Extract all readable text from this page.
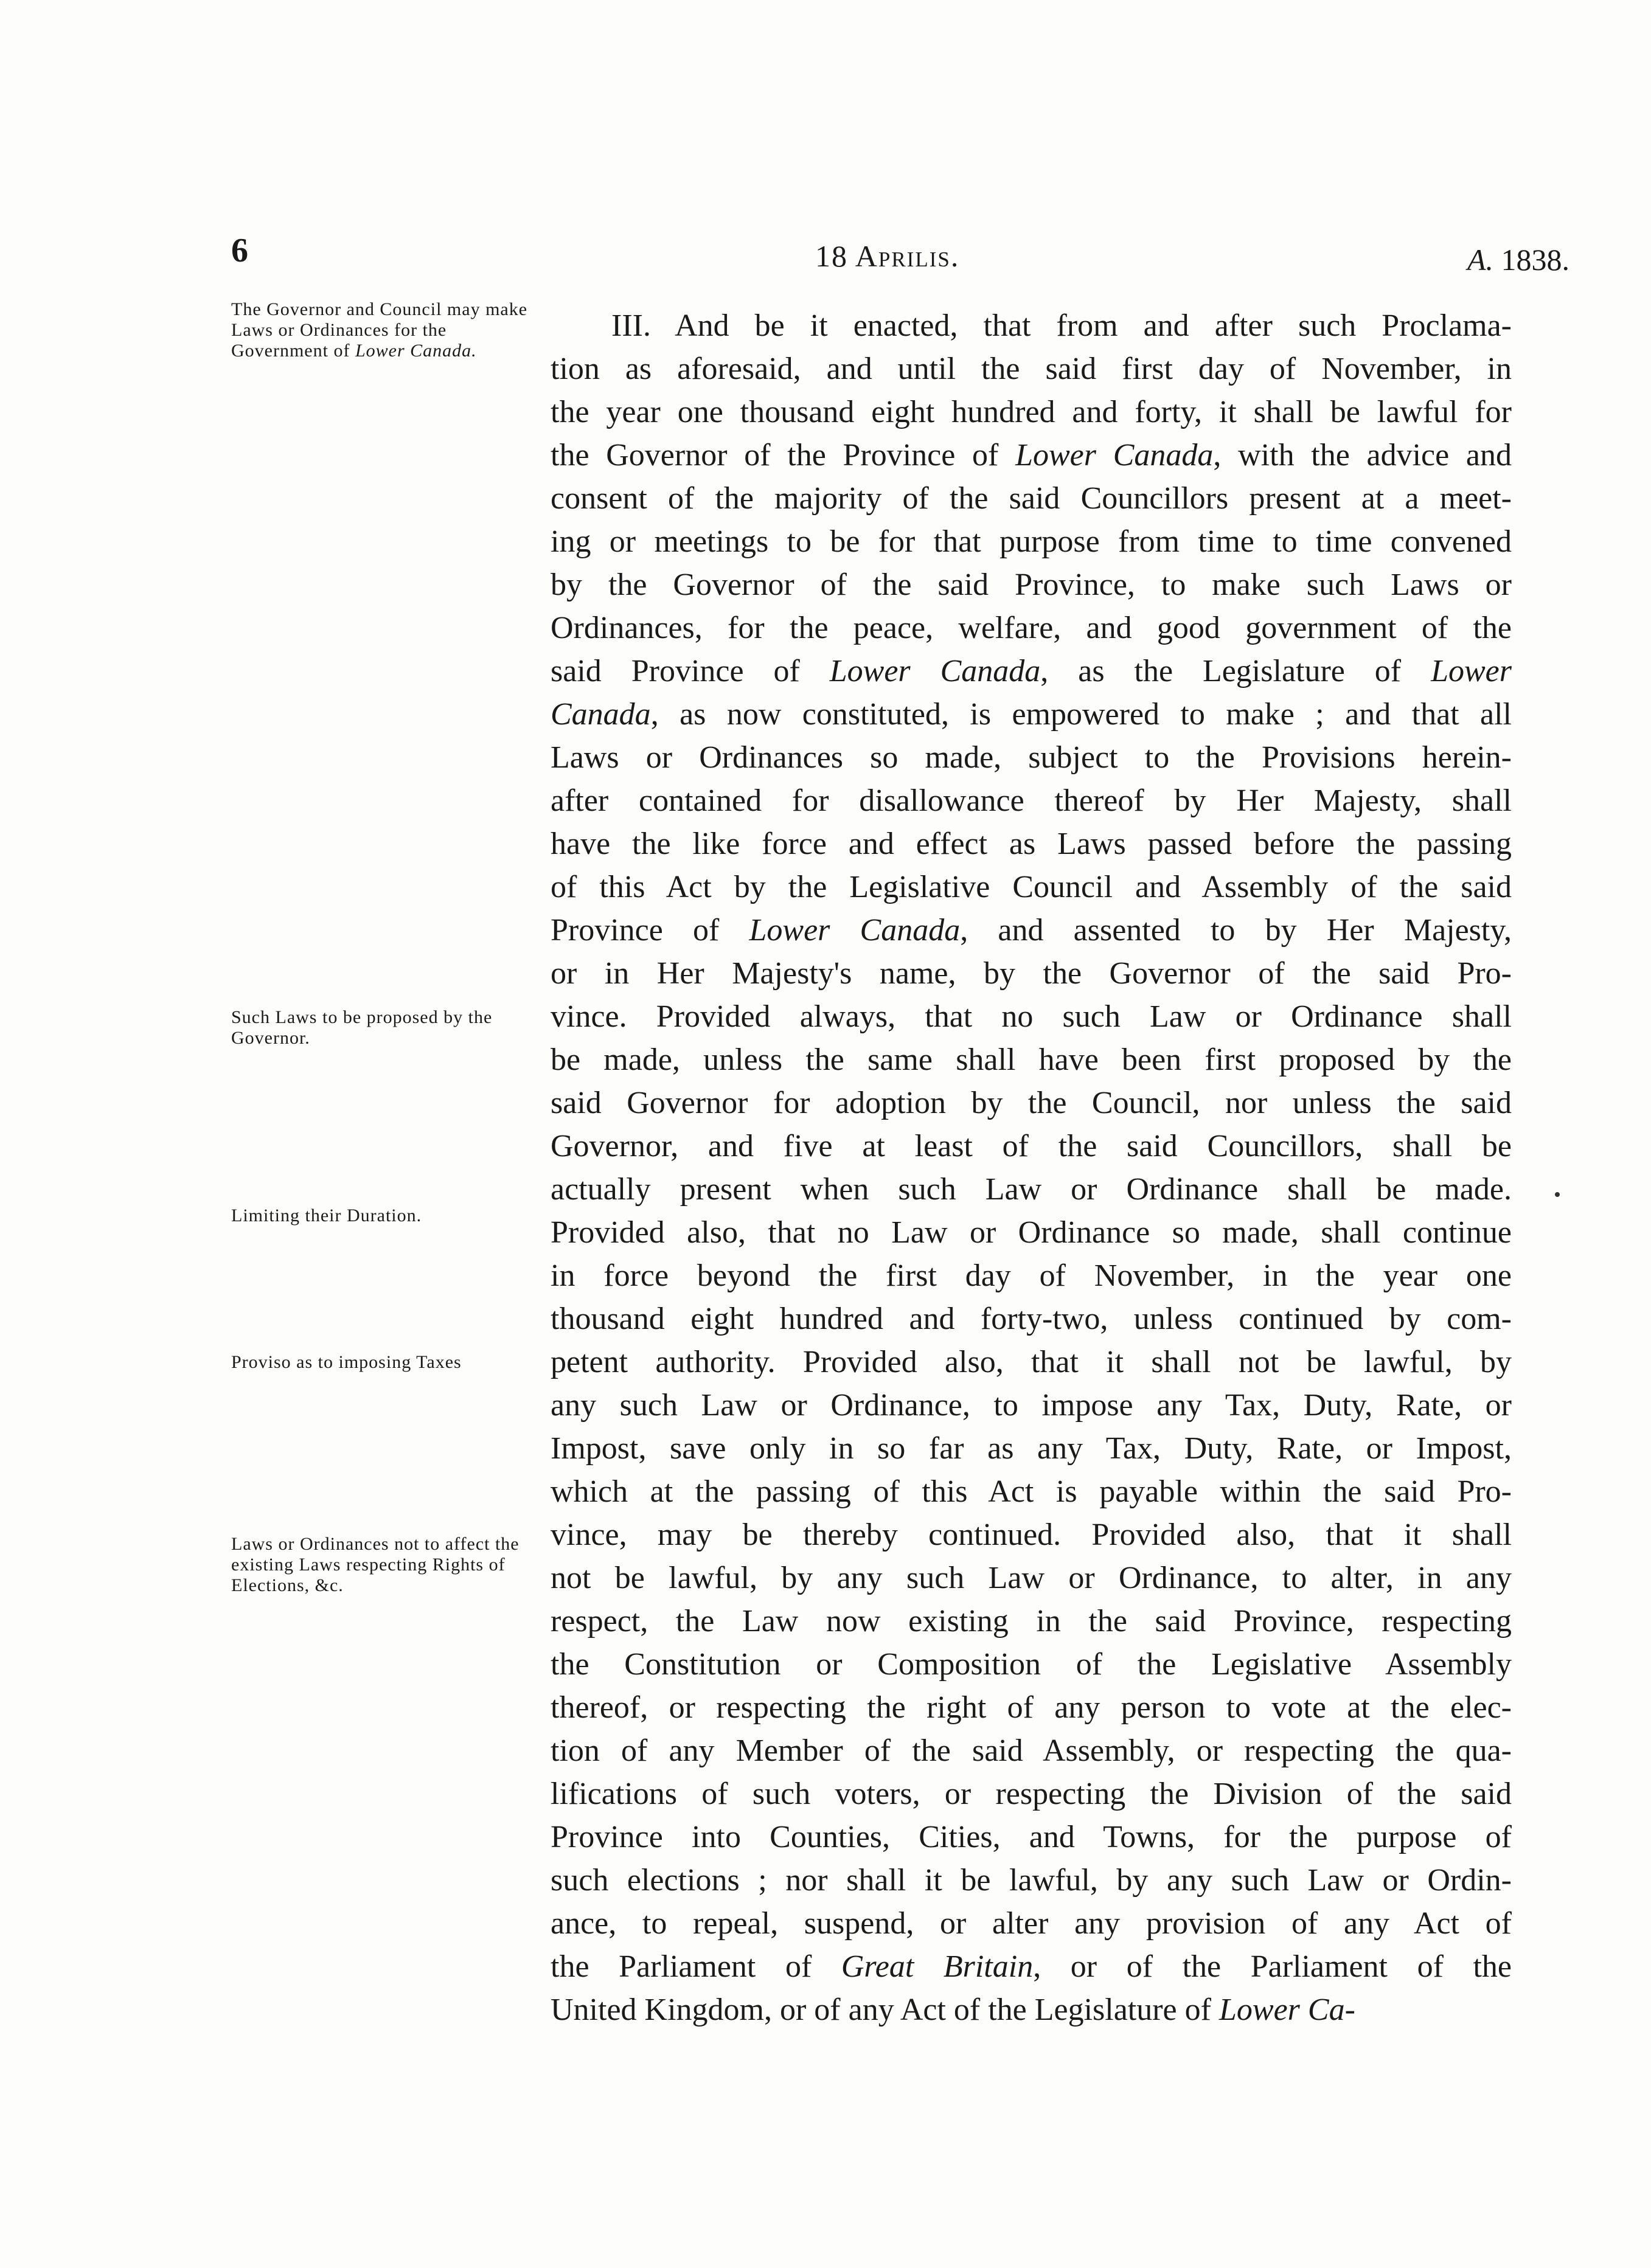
6	18 Aprilis.	A. 1838.
The Governor and Council may make Laws or Ordinances for the Government of Lower Canada.
Such Laws to be proposed by the Governor.
Limiting their Duration.
Proviso as to imposing Taxes
Laws or Ordinances not to affect the existing Laws respecting Rights of Elections, &c.
III. And be it enacted, that from and after such Proclama-
tion as aforesaid, and until the said first day of November, in
the year one thousand eight hundred and forty, it shall be lawful for
the Governor of the Province of Lower Canada, with the advice and
consent of the majority of the said Councillors present at a meet-
ing or meetings to be for that purpose from time to time convened
by the Governor of the said Province, to make such Laws or
Ordinances, for the peace, welfare, and good government of the
said Province of Lower Canada, as the Legislature of Lower
Canada, as now constituted, is empowered to make ; and that all
Laws or Ordinances so made, subject to the Provisions herein-
after contained for disallowance thereof by Her Majesty, shall
have the like force and effect as Laws passed before the passing
of this Act by the Legislative Council and Assembly of the said
Province of Lower Canada, and assented to by Her Majesty,
or in Her Majesty's name, by the Governor of the said Pro-
vince. Provided always, that no such Law or Ordinance shall
be made, unless the same shall have been first proposed by the
said Governor for adoption by the Council, nor unless the said
Governor, and five at least of the said Councillors, shall be
actually present when such Law or Ordinance shall be made.
Provided also, that no Law or Ordinance so made, shall continue
in force beyond the first day of November, in the year one
thousand eight hundred and forty-two, unless continued by com-
petent authority. Provided also, that it shall not be lawful, by
any such Law or Ordinance, to impose any Tax, Duty, Rate, or
Impost, save only in so far as any Tax, Duty, Rate, or Impost,
which at the passing of this Act is payable within the said Pro-
vince, may be thereby continued. Provided also, that it shall
not be lawful, by any such Law or Ordinance, to alter, in any
respect, the Law now existing in the said Province, respecting
the Constitution or Composition of the Legislative Assembly
thereof, or respecting the right of any person to vote at the elec-
tion of any Member of the said Assembly, or respecting the qua-
lifications of such voters, or respecting the Division of the said
Province into Counties, Cities, and Towns, for the purpose of
such elections ; nor shall it be lawful, by any such Law or Ordin-
ance, to repeal, suspend, or alter any provision of any Act of
the Parliament of Great Britain, or of the Parliament of the
United Kingdom, or of any Act of the Legislature of Lower Ca-
